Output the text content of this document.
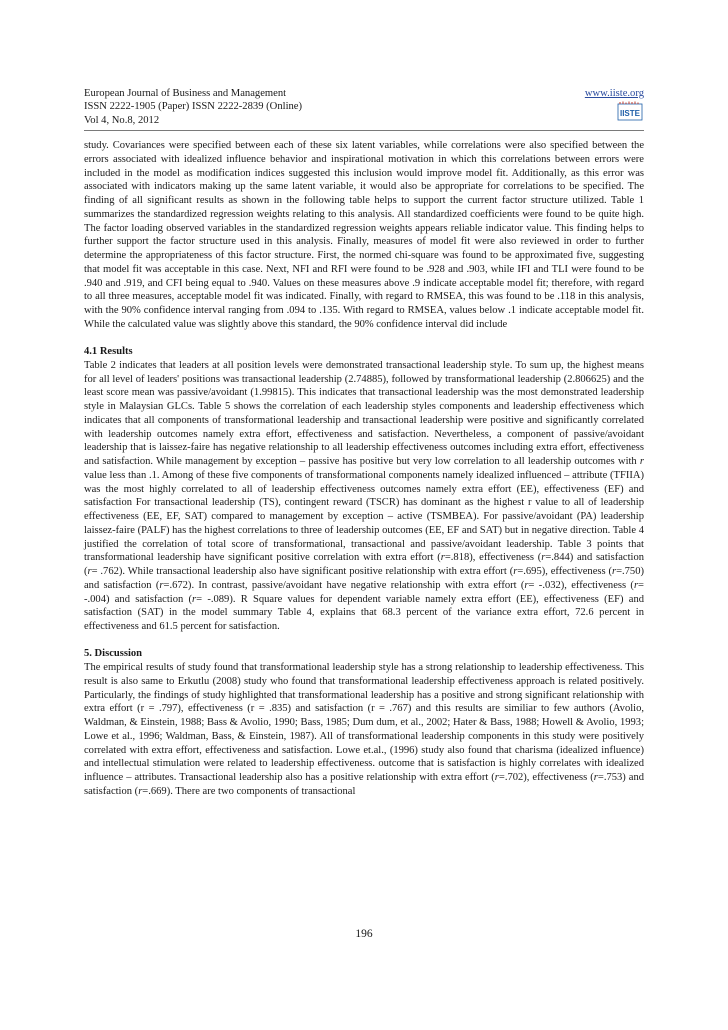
European Journal of Business and Management
ISSN 2222-1905 (Paper) ISSN 2222-2839 (Online)
Vol 4, No.8, 2012
www.iiste.org
IISTE

study. Covariances were specified between each of these six latent variables, while correlations were also specified between the errors associated with idealized influence behavior and inspirational motivation in which this correlations between errors were included in the model as modification indices suggested this inclusion would improve model fit. Additionally, as this error was associated with indicators making up the same latent variable, it would also be appropriate for correlations to be specified. The finding of all significant results as shown in the following table helps to support the current factor structure utilized. Table 1 summarizes the standardized regression weights relating to this analysis. All standardized coefficients were found to be quite high. The factor loading observed variables in the standardized regression weights appears reliable indicator value. This finding helps to further support the factor structure used in this analysis. Finally, measures of model fit were also reviewed in order to further determine the appropriateness of this factor structure. First, the normed chi-square was found to be approximated five, suggesting that model fit was acceptable in this case. Next, NFI and RFI were found to be .928 and .903, while IFI and TLI were found to be .940 and .919, and CFI being equal to .940. Values on these measures above .9 indicate acceptable model fit; therefore, with regard to all three measures, acceptable model fit was indicated. Finally, with regard to RMSEA, this was found to be .118 in this analysis, with the 90% confidence interval ranging from .094 to .135. With regard to RMSEA, values below .1 indicate acceptable model fit. While the calculated value was slightly above this standard, the 90% confidence interval did include

4.1 Results

Table 2 indicates that leaders at all position levels were demonstrated transactional leadership style. To sum up, the highest means for all level of leaders' positions was transactional leadership (2.74885), followed by transformational leadership (2.806625) and the least score mean was passive/avoidant (1.99815). This indicates that transactional leadership was the most demonstrated leadership style in Malaysian GLCs. Table 5 shows the correlation of each leadership styles components and leadership effectiveness which indicates that all components of transformational leadership and transactional leadership were positive and significantly correlated with leadership outcomes namely extra effort, effectiveness and satisfaction. Nevertheless, a component of passive/avoidant leadership that is laissez-faire has negative relationship to all leadership effectiveness outcomes including extra effort, effectiveness and satisfaction. While management by exception – passive has positive but very low correlation to all leadership outcomes with r value less than .1. Among of these five components of transformational components namely idealized influenced – attribute (TFIIA) was the most highly correlated to all of leadership effectiveness outcomes namely extra effort (EE), effectiveness (EF) and satisfaction For transactional leadership (TS), contingent reward (TSCR) has dominant as the highest r value to all of leadership effectiveness (EE, EF, SAT) compared to management by exception – active (TSMBEA). For passive/avoidant (PA) leadership laissez-faire (PALF) has the highest correlations to three of leadership outcomes (EE, EF and SAT) but in negative direction. Table 4 justified the correlation of total score of transformational, transactional and passive/avoidant leadership. Table 3 points that transformational leadership have significant positive correlation with extra effort (r=.818), effectiveness (r=.844) and satisfaction (r= .762). While transactional leadership also have significant positive relationship with extra effort (r=.695), effectiveness (r=.750) and satisfaction (r=.672). In contrast, passive/avoidant have negative relationship with extra effort (r= -.032), effectiveness (r= -.004) and satisfaction (r= -.089). R Square values for dependent variable namely extra effort (EE), effectiveness (EF) and satisfaction (SAT) in the model summary Table 4, explains that 68.3 percent of the variance extra effort, 72.6 percent in effectiveness and 61.5 percent for satisfaction.

5. Discussion

The empirical results of study found that transformational leadership style has a strong relationship to leadership effectiveness. This result is also same to Erkutlu (2008) study who found that transformational leadership effectiveness approach is related positively. Particularly, the findings of study highlighted that transformational leadership has a positive and strong significant relationship with extra effort (r = .797), effectiveness (r = .835) and satisfaction (r = .767) and this results are similiar to few authors (Avolio, Waldman, & Einstein, 1988; Bass & Avolio, 1990; Bass, 1985; Dum dum, et al., 2002; Hater & Bass, 1988; Howell & Avolio, 1993; Lowe et al., 1996; Waldman, Bass, & Einstein, 1987). All of transformational leadership components in this study were positively correlated with extra effort, effectiveness and satisfaction. Lowe et.al., (1996) study also found that charisma (idealized influence) and intellectual stimulation were related to leadership effectiveness. outcome that is satisfaction is highly correlates with idealized influence – attributes. Transactional leadership also has a positive relationship with extra effort (r=.702), effectiveness (r=.753) and satisfaction (r=.669). There are two components of transactional

196
